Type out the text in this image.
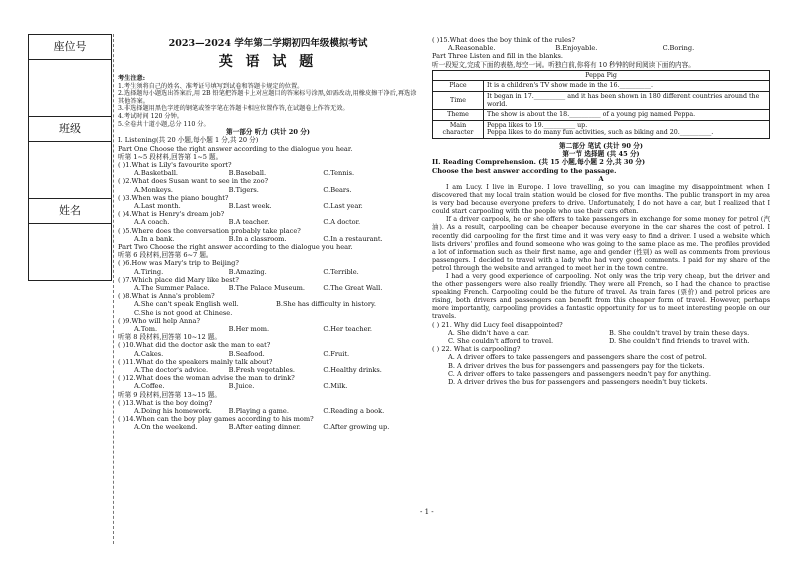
座位号
班级
姓名
2023—2024 学年第二学期初四年级模拟考试
英 语 试 题
考生注意:
1.考生须将自己的姓名、准考证号填写到试卷和答题卡规定的位置。
2.选择题每小题选出答案后,用 2B 铅笔把答题卡上对应题目的答案标号涂黑,如需改动,用橡皮擦干净后,再选涂其他答案。
3.非选择题用黑色字迹的钢笔或签字笔在答题卡相应位置作答,在试题卷上作答无效。
4.考试时间 120 分钟。
5.全卷共十道小题,总分 110 分。
第一部分 听力 (共计 20 分)
I. Listening(共 20 小题,每小题 1 分,共 20 分)
Part One Choose the right answer according to the dialogue you hear.
听第 1~5 段材料,回答第 1~5 题。
( )1.What is Lily's favourite sport?
A.Basketball.	B.Baseball.	C.Tennis.
( )2.What does Susan want to see in the zoo?
A.Monkeys.	B.Tigers.	C.Bears.
( )3.When was the piano bought?
A.Last month.	B.Last week.	C.Last year.
( )4.What is Henry's dream job?
A.A coach.	B.A teacher.	C.A doctor.
( )5.Where does the conversation probably take place?
A.In a bank.	B.In a classroom.	C.In a restaurant.
Part Two Choose the right answer according to the dialogue you hear.
听第 6 段材料,回答第 6~7 题。
( )6.How was Mary's trip to Beijing?
A.Tiring.	B.Amazing.	C.Terrible.
( )7.Which place did Mary like best?
A.The Summer Palace.	B.The Palace Museum.	C.The Great Wall.
( )8.What is Anna's problem?
A.She can't speak English well.	B.She has difficulty in history.
C.She is not good at Chinese.
( )9.Who will help Anna?
A.Tom.	B.Her mom.	C.Her teacher.
听第 8 段材料,回答第 10~12 题。
( )10.What did the doctor ask the man to eat?
A.Cakes.	B.Seafood.	C.Fruit.
( )11.What do the speakers mainly talk about?
A.The doctor's advice.	B.Fresh vegetables.	C.Healthy drinks.
( )12.What does the woman advise the man to drink?
A.Coffee.	B.Juice.	C.Milk.
听第 9 段材料,回答第 13~15 题。
( )13.What is the boy doing?
A.Doing his homework.	B.Playing a game.	C.Reading a book.
( )14.When can the boy play games according to his mom?
A.On the weekend.	B.After eating dinner.	C.After growing up.
( )15.What does the boy think of the rules?
A.Reasonable.	B.Enjoyable.	C.Boring.
Part Three Listen and fill in the blanks.
听一段短文,完成下面的表格,每空一词。听独白前,你将有 10 秒钟的时间阅读下面的内容。
Peppa Pig	
Place	It is a children's TV show made in the 16.__________.
Time	It began in 17.__________ and it has been shown in 180 different countries around the world.
Theme	The show is about the 18.__________ of a young pig named Peppa.
Main character	Peppa likes to 19.__________ up.
Peppa likes to do many fun activities, such as biking and 20.__________.
第二部分 笔试 (共计 90 分)
第一节 选择题 (共 45 分)
II. Reading Comprehension. (共 15 小题,每小题 2 分,共 30 分)
Choose the best answer according to the passage.
A

I am Lucy. I live in Europe. I love travelling, so you can imagine my disappointment when I discovered that my local train station would be closed for five months. The public transport in my area is very bad because everyone prefers to drive. Unfortunately, I do not have a car, but I realized that I could start carpooling with the people who use their cars often.

If a driver carpools, he or she offers to take passengers in exchange for some money for petrol (汽油). As a result, carpooling can be cheaper because everyone in the car shares the cost of petrol. I recently did carpooling for the first time and it was very easy to find a driver. I used a website which lists drivers' profiles and found someone who was going to the same place as me. The profiles provided a lot of information such as their first name, age and gender (性别) as well as comments from previous passengers. I decided to travel with a lady who had very good comments. I paid for my share of the petrol through the website and arranged to meet her in the town centre.

I had a very good experience of carpooling. Not only was the trip very cheap, but the driver and the other passengers were also really friendly. They were all French, so I had the chance to practise speaking French. Carpooling could be the future of travel. As train fares (票价) and petrol prices are rising, both drivers and passengers can benefit from this cheaper form of travel. However, perhaps more importantly, carpooling provides a fantastic opportunity for us to meet interesting people on our travels.

( ) 21. Why did Lucy feel disappointed?
A. She didn't have a car.	B. She couldn't travel by train these days.
C. She couldn't afford to travel.	D. She couldn't find friends to travel with.
( ) 22. What is carpooling?
A. A driver offers to take passengers and passengers share the cost of petrol.
B. A driver drives the bus for passengers and passengers pay for the tickets.
C. A driver offers to take passengers and passengers needn't pay for anything.
D. A driver drives the bus for passengers and passengers needn't buy tickets.
- 1 -
